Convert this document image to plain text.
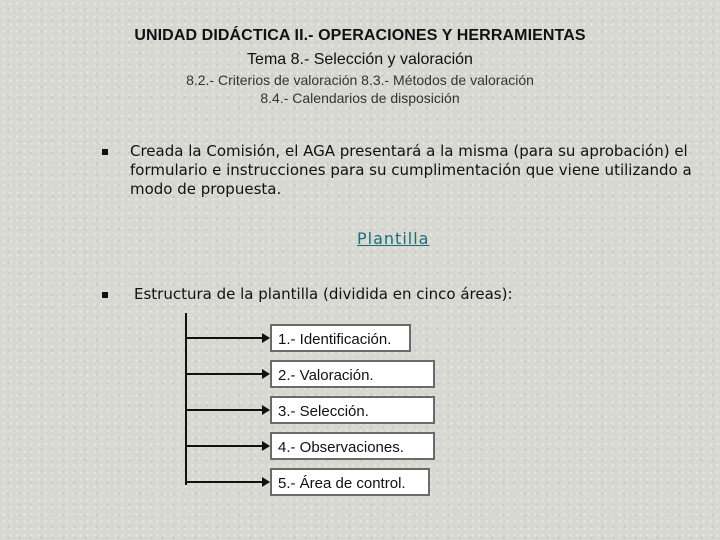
UNIDAD DIDÁCTICA II.- OPERACIONES Y HERRAMIENTAS
Tema 8.- Selección y valoración
8.2.- Criterios de valoración 8.3.- Métodos de valoración
8.4.- Calendarios de disposición
Creada la Comisión, el AGA presentará a la misma (para su aprobación) el formulario e instrucciones para su cumplimentación que viene utilizando a modo de propuesta.
Plantilla
Estructura de la plantilla (dividida en cinco áreas):
1.- Identificación.
2.- Valoración.
3.- Selección.
4.- Observaciones.
5.- Área de control.
